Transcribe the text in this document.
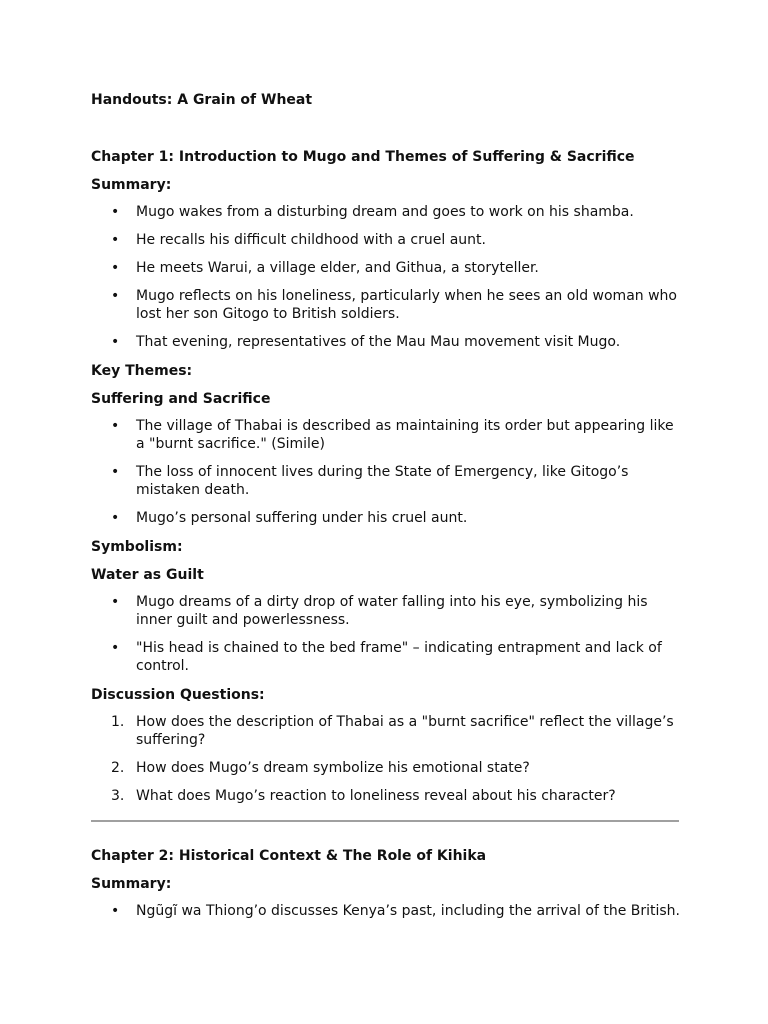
Handouts: A Grain of Wheat

Chapter 1: Introduction to Mugo and Themes of Suffering & Sacrifice

Summary:

• Mugo wakes from a disturbing dream and goes to work on his shamba.
• He recalls his difficult childhood with a cruel aunt.
• He meets Warui, a village elder, and Githua, a storyteller.
• Mugo reflects on his loneliness, particularly when he sees an old woman who lost her son Gitogo to British soldiers.
• That evening, representatives of the Mau Mau movement visit Mugo.

Key Themes:

Suffering and Sacrifice

• The village of Thabai is described as maintaining its order but appearing like a "burnt sacrifice." (Simile)
• The loss of innocent lives during the State of Emergency, like Gitogo’s mistaken death.
• Mugo’s personal suffering under his cruel aunt.

Symbolism:

Water as Guilt

• Mugo dreams of a dirty drop of water falling into his eye, symbolizing his inner guilt and powerlessness.
• "His head is chained to the bed frame" – indicating entrapment and lack of control.

Discussion Questions:

1. How does the description of Thabai as a "burnt sacrifice" reflect the village’s suffering?
2. How does Mugo’s dream symbolize his emotional state?
3. What does Mugo’s reaction to loneliness reveal about his character?

Chapter 2: Historical Context & The Role of Kihika

Summary:

• Ngũgĩ wa Thiong’o discusses Kenya’s past, including the arrival of the British.
